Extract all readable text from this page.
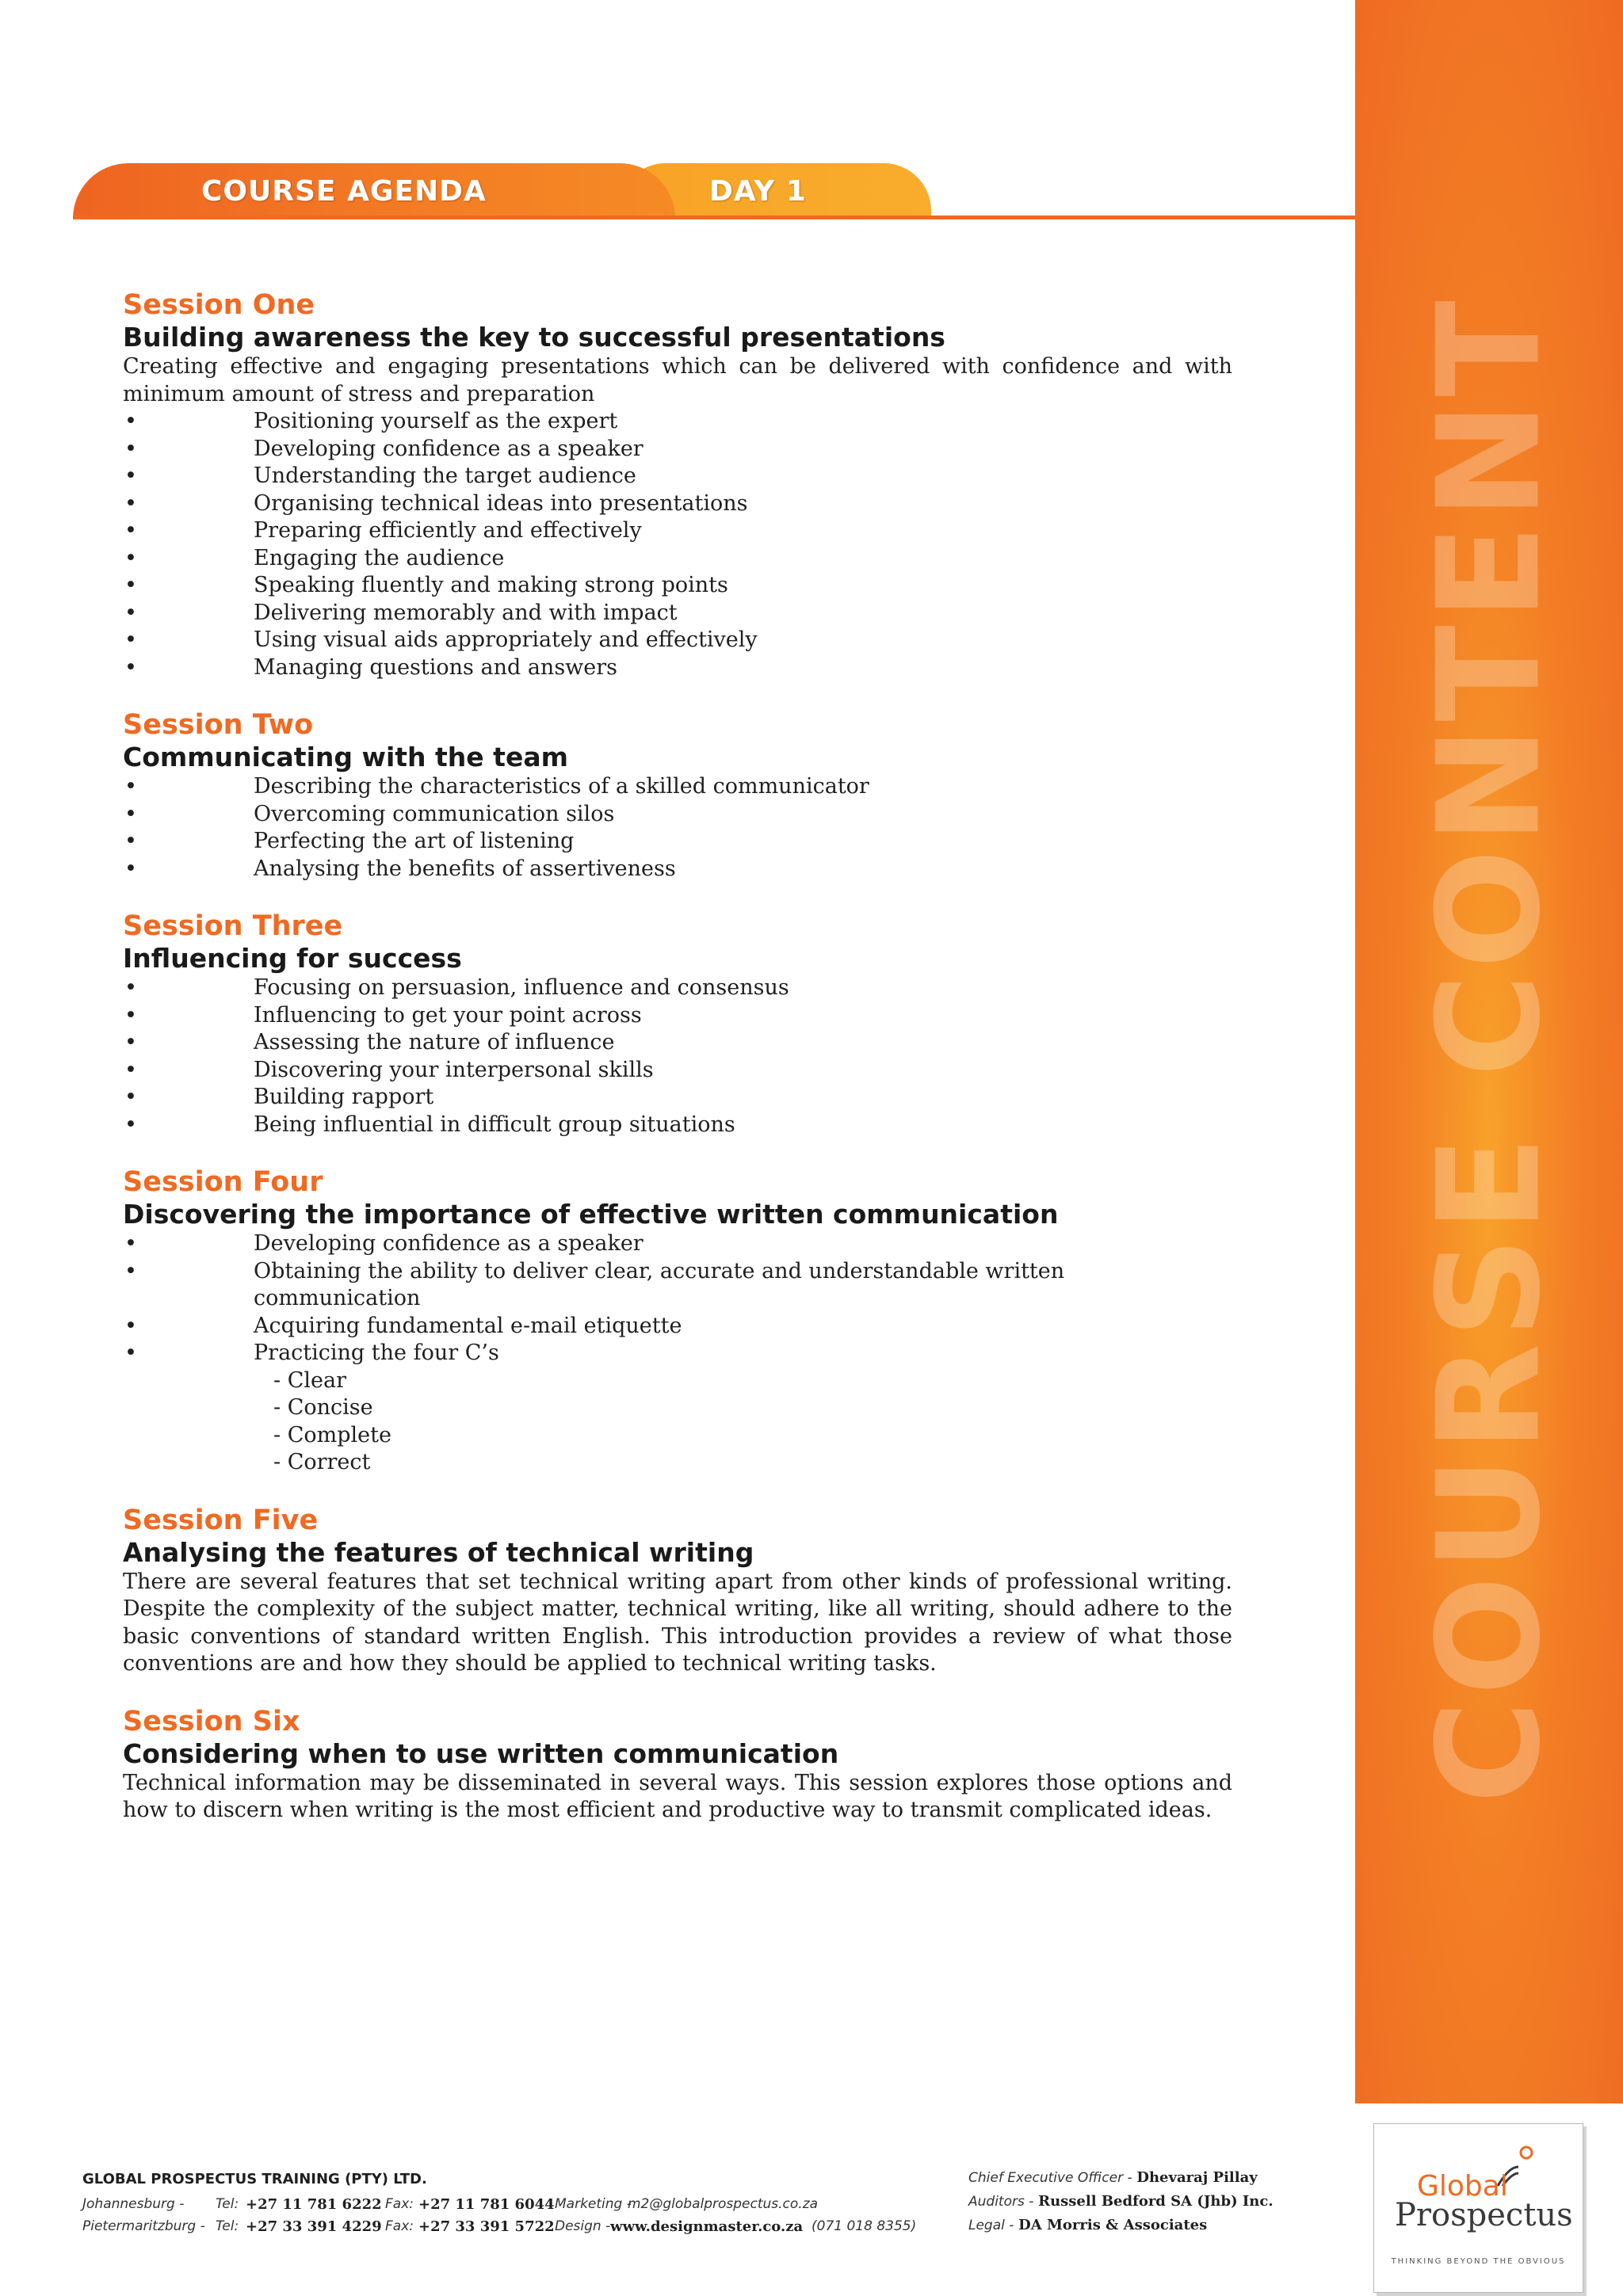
COURSE CONTENT
DAY 1
COURSE AGENDA
Session One
Building awareness the key to successful presentations
Creating effective and engaging presentations which can be delivered with confidence and with minimum amount of stress and preparation
•	Positioning yourself as the expert
•	Developing confidence as a speaker
•	Understanding the target audience
•	Organising technical ideas into presentations
•	Preparing efficiently and effectively
•	Engaging the audience
•	Speaking fluently and making strong points
•	Delivering memorably and with impact
•	Using visual aids appropriately and effectively
•	Managing questions and answers
Session Two
Communicating with the team
•	Describing the characteristics of a skilled communicator
•	Overcoming communication silos
•	Perfecting the art of listening
•	Analysing the benefits of assertiveness
Session Three
Influencing for success
•	Focusing on persuasion, influence and consensus
•	Influencing to get your point across
•	Assessing the nature of influence
•	Discovering your interpersonal skills
•	Building rapport
•	Being influential in difficult group situations
Session Four
Discovering the importance of effective written communication
•	Developing confidence as a speaker
•	Obtaining the ability to deliver clear, accurate and understandable written communication
•	Acquiring fundamental e-mail etiquette
•	Practicing the four C’s
- Clear
- Concise
- Complete
- Correct
Session Five
Analysing the features of technical writing
There are several features that set technical writing apart from other kinds of professional writing. Despite the complexity of the subject matter, technical writing, like all writing, should adhere to the basic conventions of standard written English. This introduction provides a review of what those conventions are and how they should be applied to technical writing tasks.
Session Six
Considering when to use written communication
Technical information may be disseminated in several ways. This session explores those options and how to discern when writing is the most efficient and productive way to transmit complicated ideas.
GLOBAL PROSPECTUS TRAINING (PTY) LTD.
Johannesburg - Tel: +27 11 781 6222 Fax: +27 11 781 6044 Marketing -
m2@globalprospectus.co.za
Pietermaritzburg - Tel: +27 33 391 4229 Fax: +27 33 391 5722 Design - www.designmaster.co.za (071 018 8355)
Chief Executive Officer - Dhevaraj Pillay
Auditors - Russell Bedford SA (Jhb) Inc.
Legal - DA Morris & Associates
Global
Prospectus
THINKING BEYOND THE OBVIOUS
